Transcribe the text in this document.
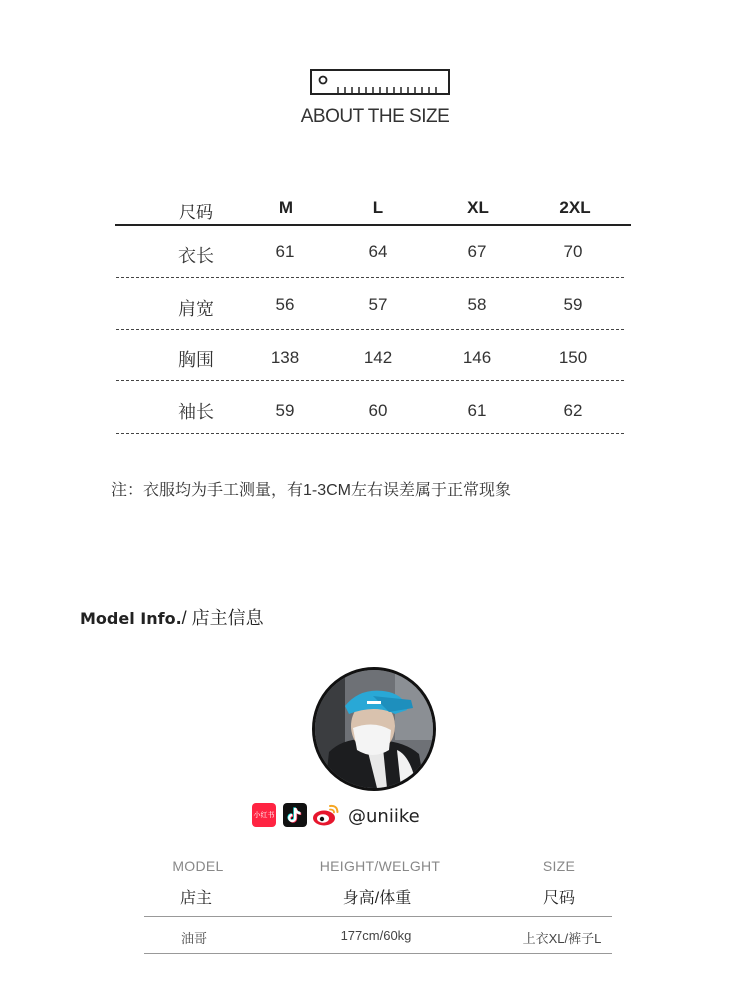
ABOUT THE SIZE
尺码	M	L	XL	2XL
衣长	61	64	67	70
肩宽	56	57	58	59
胸围	138	142	146	150
袖长	59	60	61	62
注：衣服均为手工测量，有1-3CM左右误差属于正常现象
Model Info./ 店主信息
小红书	@uniike
MODEL	HEIGHT/WELGHT	SIZE
店主	身高/体重	尺码
油哥	177cm/60kg	上衣XL/裤子L
